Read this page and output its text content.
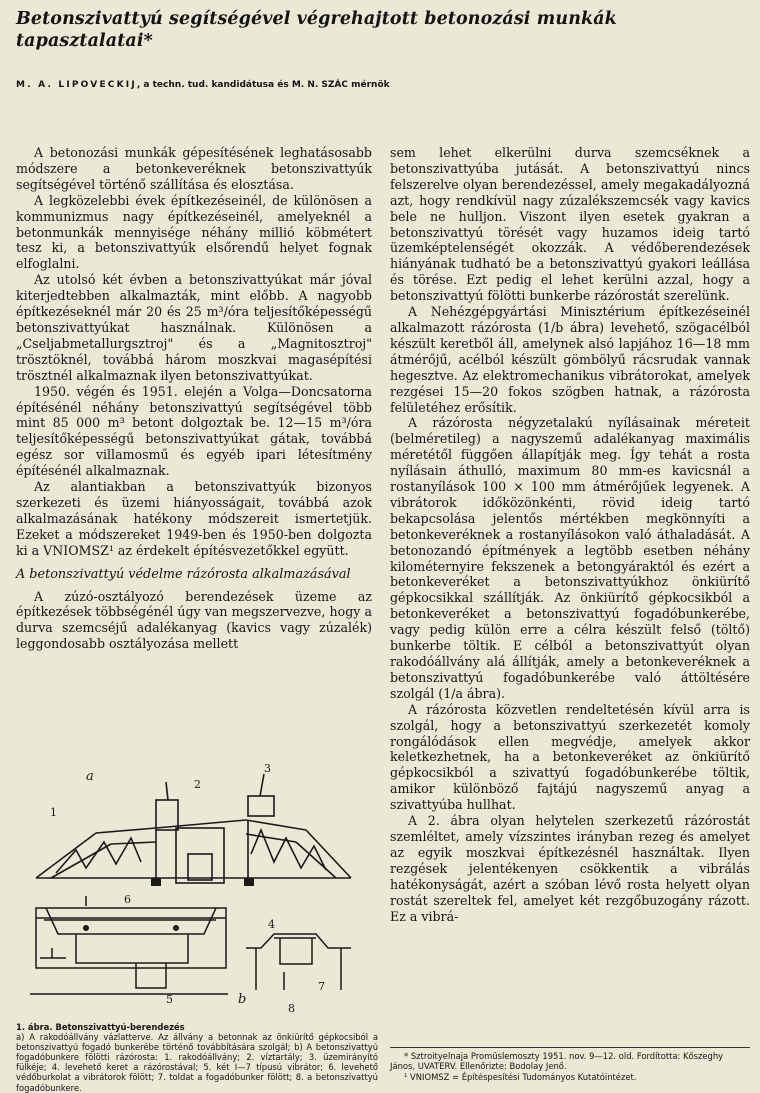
Betonszivattyú segítségével végrehajtott betonozási munkák tapasztalatai*
M. A. LIPOVECKIJ, a techn. tud. kandidátusa és M. N. SZÁC mérnök

A betonozási munkák gépesítésének leghatásosabb módszere a betonkeveréknek betonszivattyúk segítségével történő szállítása és elosztása.

A legközelebbi évek építkezéseinél, de különösen a kommunizmus nagy építkezéseinél, amelyeknél a betonmunkák mennyisége néhány millió köbmétert tesz ki, a betonszivattyúk elsőrendű helyet fognak elfoglalni.

Az utolsó két évben a betonszivattyúkat már jóval kiterjedtebben alkalmazták, mint előbb. A nagyobb építkezéseknél már 20 és 25 m³/óra teljesítőképességű betonszivattyúkat használnak. Különösen a „Cseljabmetallurgsztroj" és a „Magnitosztroj" trösztöknél, továbbá három moszkvai magasépítési trösztnél alkalmaznak ilyen betonszivattyúkat.

1950. végén és 1951. elején a Volga—Doncsatorna építésénél néhány betonszivattyú segítségével több mint 85 000 m³ betont dolgoztak be. 12—15 m³/óra teljesítőképességű betonszivattyúkat gátak, továbbá egész sor villamosmű és egyéb ipari létesítmény építésénél alkalmaznak.

Az alantiakban a betonszivattyúk bizonyos szerkezeti és üzemi hiányosságait, továbbá azok alkalmazásának hatékony módszereit ismertetjük. Ezeket a módszereket 1949-ben és 1950-ben dolgozta ki a VNIOMSZ¹ az érdekelt építésvezetőkkel együtt.

A betonszivattyú védelme rázórosta alkalmazásával

A zúzó-osztályozó berendezések üzeme az építkezések többségénél úgy van megszervezve, hogy a durva szemcséjű adalékanyag (kavics vagy zúzalék) leggondosabb osztályozása mellett

a
b
1
2
3
4
5
6
7
8
1. ábra. Betonszivattyú-berendezés
a) A rakodóállvány vázlatterve. Az állvány a betonnak az önkiürítő gépkocsiból a betonszivattyú fogadó bunkerébe történő továbbítására szolgál; b) A betonszivattyú fogadóbunkere fölötti rázórosta: 1. rakodóállvány; 2. víztartály; 3. üzemirányító fülkéje; 4. levehető keret a rázórostával; 5. két I—7 típusú vibrátor; 6. levehető védőburkolat a vibrátorok fölött; 7. toldat a fogadóbunker fölött; 8. a betonszivattyú fogadóbunkere.

sem lehet elkerülni durva szemcséknek a betonszivattyúba jutását. A betonszivattyú nincs felszerelve olyan berendezéssel, amely megakadályozná azt, hogy rendkívül nagy zúzalékszemcsék vagy kavics bele ne hulljon. Viszont ilyen esetek gyakran a betonszivattyú törését vagy huzamos ideig tartó üzemképtelenségét okozzák. A védőberendezések hiányának tudható be a betonszivattyú gyakori leállása és törése. Ezt pedig el lehet kerülni azzal, hogy a betonszivattyú fölötti bunkerbe rázórostát szerelünk.

A Nehézgépgyártási Minisztérium építkezéseinél alkalmazott rázórosta (1/b ábra) levehető, szögacélból készült keretből áll, amelynek alsó lapjához 16—18 mm átmérőjű, acélból készült gömbölyű rácsrudak vannak hegesztve. Az elektromechanikus vibrátorokat, amelyek rezgései 15—20 fokos szögben hatnak, a rázórosta felületéhez erősítik.

A rázórosta négyzetalakú nyílásainak méreteit (belméretileg) a nagyszemű adalékanyag maximális méretétől függően állapítják meg. Így tehát a rosta nyílásain áthulló, maximum 80 mm-es kavicsnál a rostanyílások 100 × 100 mm átmérőjűek legyenek. A vibrátorok időközönkénti, rövid ideig tartó bekapcsolása jelentős mértékben megkönnyíti a betonkeveréknek a rostanyílásokon való áthaladását. A betonozandó építmények a legtöbb esetben néhány kilométernyire fekszenek a betongyáraktól és ezért a betonkeveréket a betonszivattyúkhoz önkiürítő gépkocsikkal szállítják. Az önkiürítő gépkocsikból a betonkeveréket a betonszivattyú fogadóbunkerébe, vagy pedig külön erre a célra készült felső (töltő) bunkerbe töltik. E célból a betonszivattyút olyan rakodóállvány alá állítják, amely a betonkeveréknek a betonszivattyú fogadóbunkerébe való áttöltésére szolgál (1/a ábra).

A rázórosta közvetlen rendeltetésén kívül arra is szolgál, hogy a betonszivattyú szerkezetét komoly rongálódások ellen megvédje, amelyek akkor keletkezhetnek, ha a betonkeveréket az önkiürítő gépkocsikból a szivattyú fogadóbunkerébe töltik, amikor különböző fajtájú nagyszemű anyag a szivattyúba hullhat.

A 2. ábra olyan helytelen szerkezetű rázórostát szemléltet, amely vízszintes irányban rezeg és amelyet az egyik moszkvai építkezésnél használtak. Ilyen rezgések jelentékenyen csökkentik a vibrálás hatékonyságát, azért a szóban lévő rosta helyett olyan rostát szereltek fel, amelyet két rezgőbuzogány rázott. Ez a vibrá-

* Sztroityelnaja Promüslemoszty 1951. nov. 9—12. old. Fordította: Kőszeghy János, UVATERV. Ellenőrizte: Bodolay Jenő.
¹ VNIOMSZ = Építéspesítési Tudományos Kutatóintézet.
